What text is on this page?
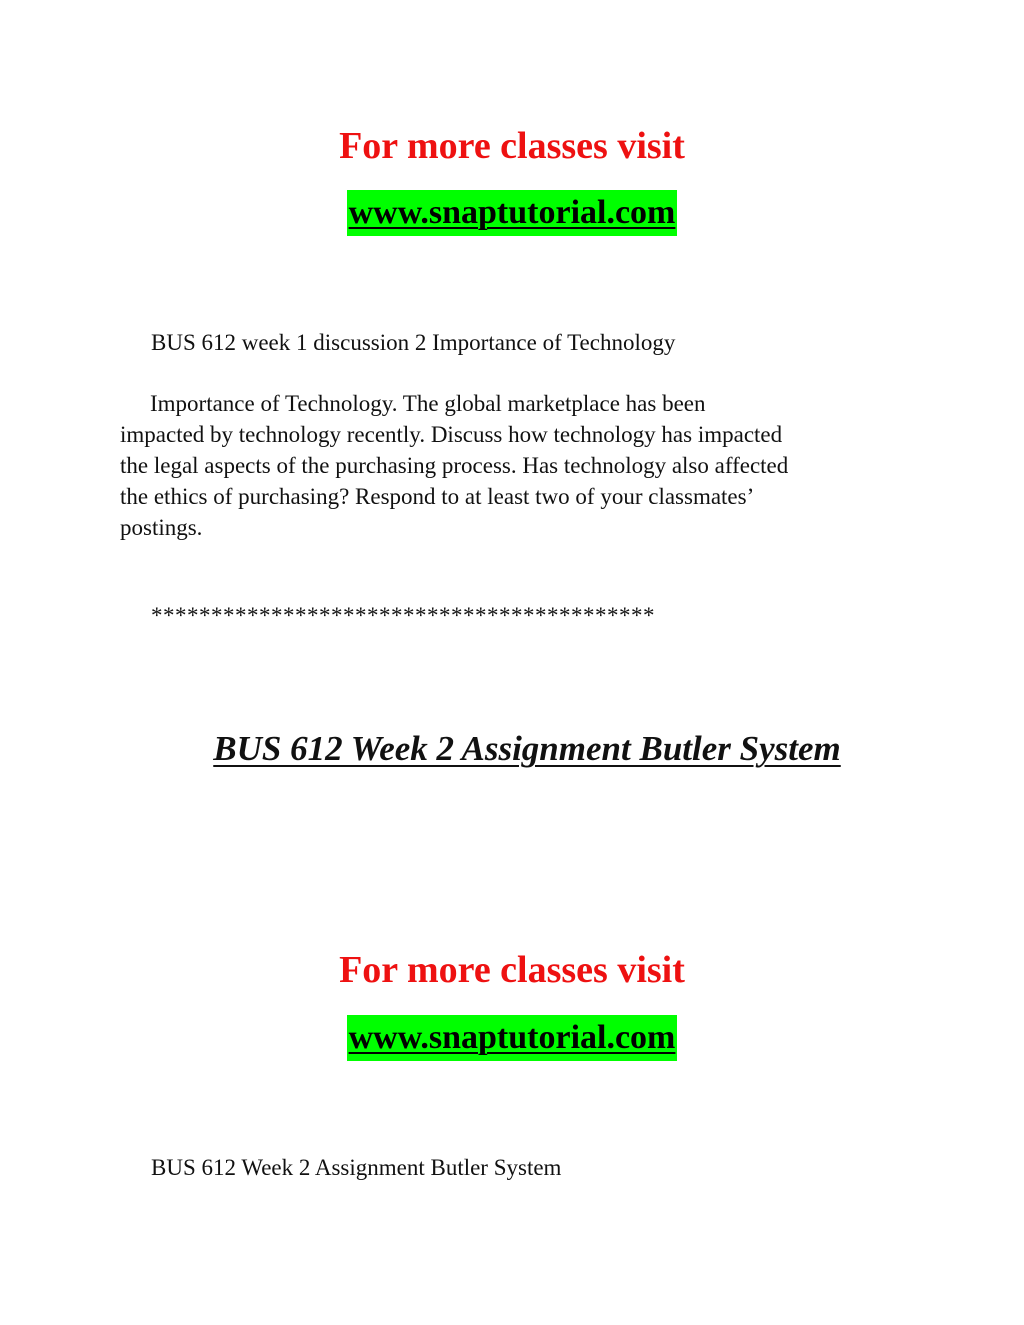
For more classes visit
www.snaptutorial.com
BUS 612 week 1 discussion 2 Importance of Technology
Importance of Technology. The global marketplace has been
impacted by technology recently. Discuss how technology has impacted
the legal aspects of the purchasing process. Has technology also affected
the ethics of purchasing? Respond to at least two of your classmates’
postings.
******************************************
BUS 612 Week 2 Assignment Butler System
For more classes visit
www.snaptutorial.com
BUS 612 Week 2 Assignment Butler System
